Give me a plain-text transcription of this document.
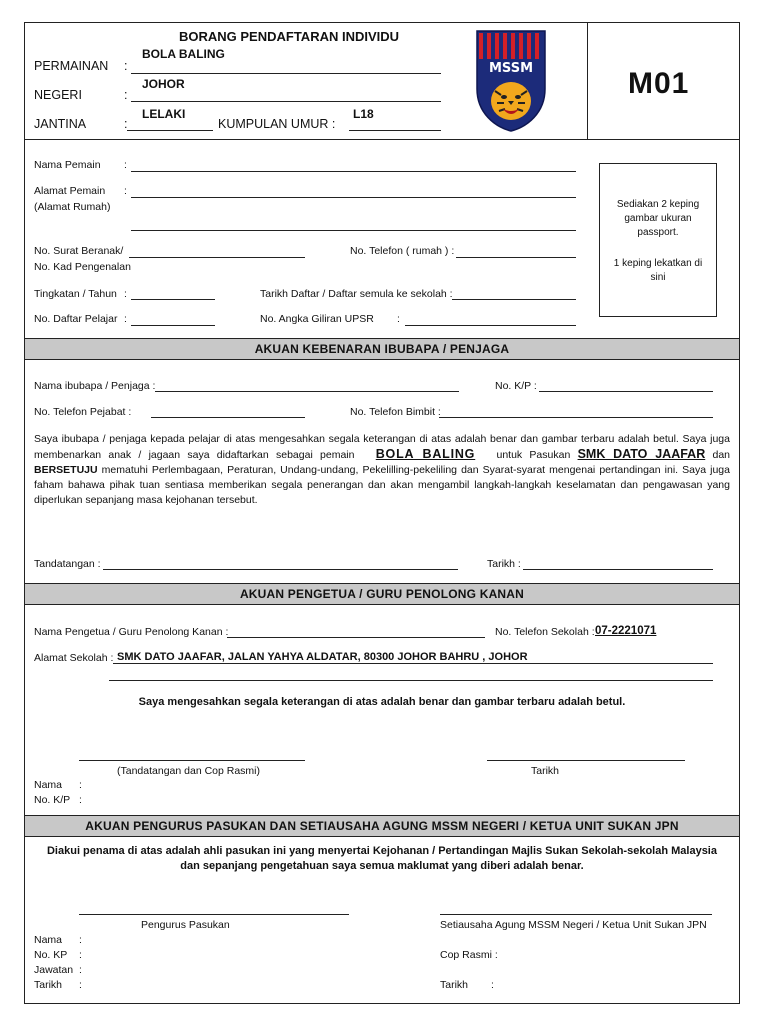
BORANG PENDAFTARAN INDIVIDU
PERMAINAN :
BOLA BALING
NEGERI	:
JOHOR
JANTINA	:
LELAKI
KUMPULAN UMUR :
L18
MSSM	M01
Nama Pemain :
Alamat Pemain :
(Alamat Rumah)
No. Surat Beranak/
No. Kad Pengenalan
No. Telefon ( rumah ) :
Tingkatan / Tahun :	Tarikh Daftar / Daftar semula ke sekolah :
No. Daftar Pelajar :	No. Angka Giliran UPSR :
Sediakan 2 keping gambar ukuran passport.
1 keping lekatkan di sini
AKUAN KEBENARAN IBUBAPA / PENJAGA
Nama ibubapa / Penjaga :	No. K/P :
No. Telefon Pejabat :	No. Telefon Bimbit :
Saya ibubapa / penjaga kepada pelajar di atas mengesahkan segala keterangan di atas adalah benar dan gambar terbaru adalah betul. Saya juga membenarkan anak / jagaan saya didaftarkan sebagai pemain BOLA BALING untuk Pasukan SMK DATO JAAFAR dan BERSETUJU mematuhi Perlembagaan, Peraturan, Undang-undang, Pekelilling-pekeliling dan Syarat-syarat mengenai pertandingan ini. Saya juga faham bahawa pihak tuan sentiasa memberikan segala penerangan dan akan mengambil langkah-langkah keselamatan dan pengawasan yang diperlukan sepanjang masa kejohanan tersebut.
Tandatangan :	Tarikh :
AKUAN PENGETUA / GURU PENOLONG KANAN
Nama Pengetua / Guru Penolong Kanan :	No. Telefon Sekolah : 07-2221071
Alamat Sekolah : SMK DATO JAAFAR, JALAN YAHYA ALDATAR, 80300 JOHOR BAHRU , JOHOR
Saya mengesahkan segala keterangan di atas adalah benar dan gambar terbaru adalah betul.
(Tandatangan dan Cop Rasmi)	Tarikh
Nama :
No. K/P :
AKUAN PENGURUS PASUKAN DAN SETIAUSAHA AGUNG MSSM NEGERI / KETUA UNIT SUKAN JPN
Diakui penama di atas adalah ahli pasukan ini yang menyertai Kejohanan / Pertandingan Majlis Sukan Sekolah-sekolah Malaysia
dan sepanjang pengetahuan saya semua maklumat yang diberi adalah benar.
Pengurus Pasukan	Setiausaha Agung MSSM Negeri / Ketua Unit Sukan JPN
Nama :
No. KP :
Jawatan :
Tarikh :
Cop Rasmi :
Tarikh :
